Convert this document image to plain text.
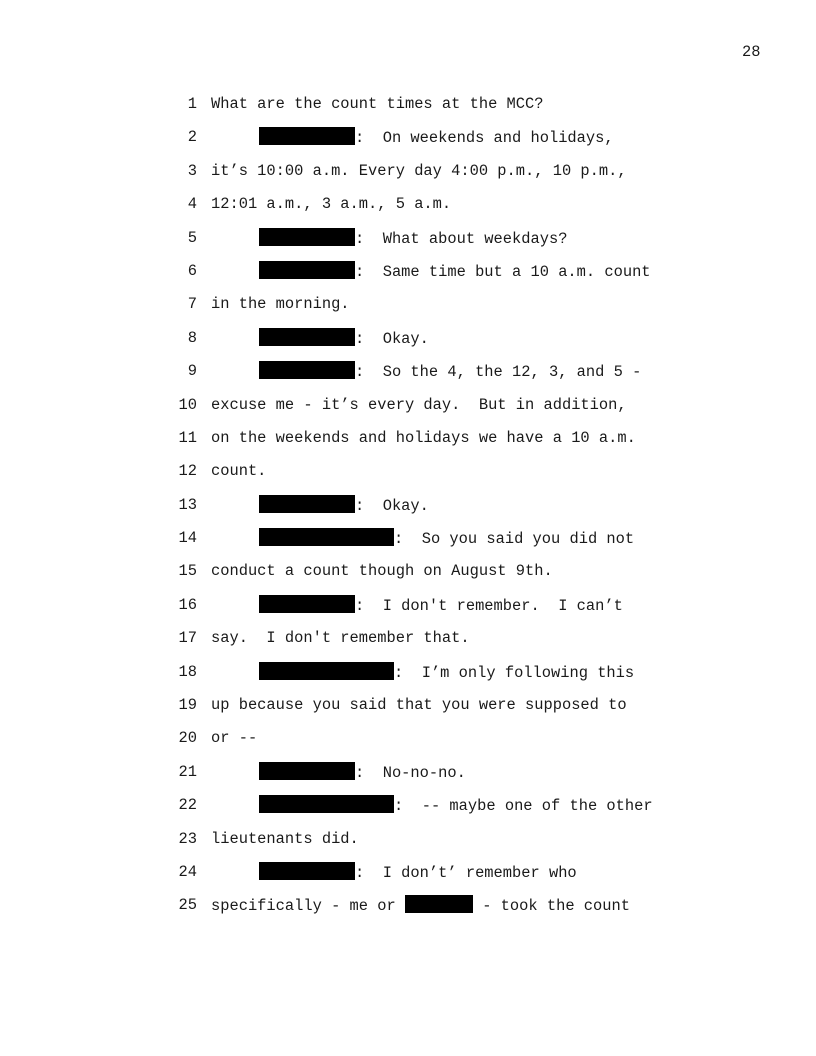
28
1 What are the count times at the MCC?
2	:  On weekends and holidays,
3 it’s 10:00 a.m. Every day 4:00 p.m., 10 p.m.,
4 12:01 a.m., 3 a.m., 5 a.m.
5	:  What about weekdays?
6	:  Same time but a 10 a.m. count
7 in the morning.
8	:  Okay.
9	:  So the 4, the 12, 3, and 5 -
10 excuse me - it’s every day.  But in addition,
11 on the weekends and holidays we have a 10 a.m.
12 count.
13	:  Okay.
14	:  So you said you did not
15 conduct a count though on August 9th.
16	:  I don't remember.  I can’t
17 say.  I don't remember that.
18	:  I’m only following this
19 up because you said that you were supposed to
20 or --
21	:  No-no-no.
22	:  -- maybe one of the other
23 lieutenants did.
24	:  I don’t’ remember who
25 specifically - me or	- took the count
